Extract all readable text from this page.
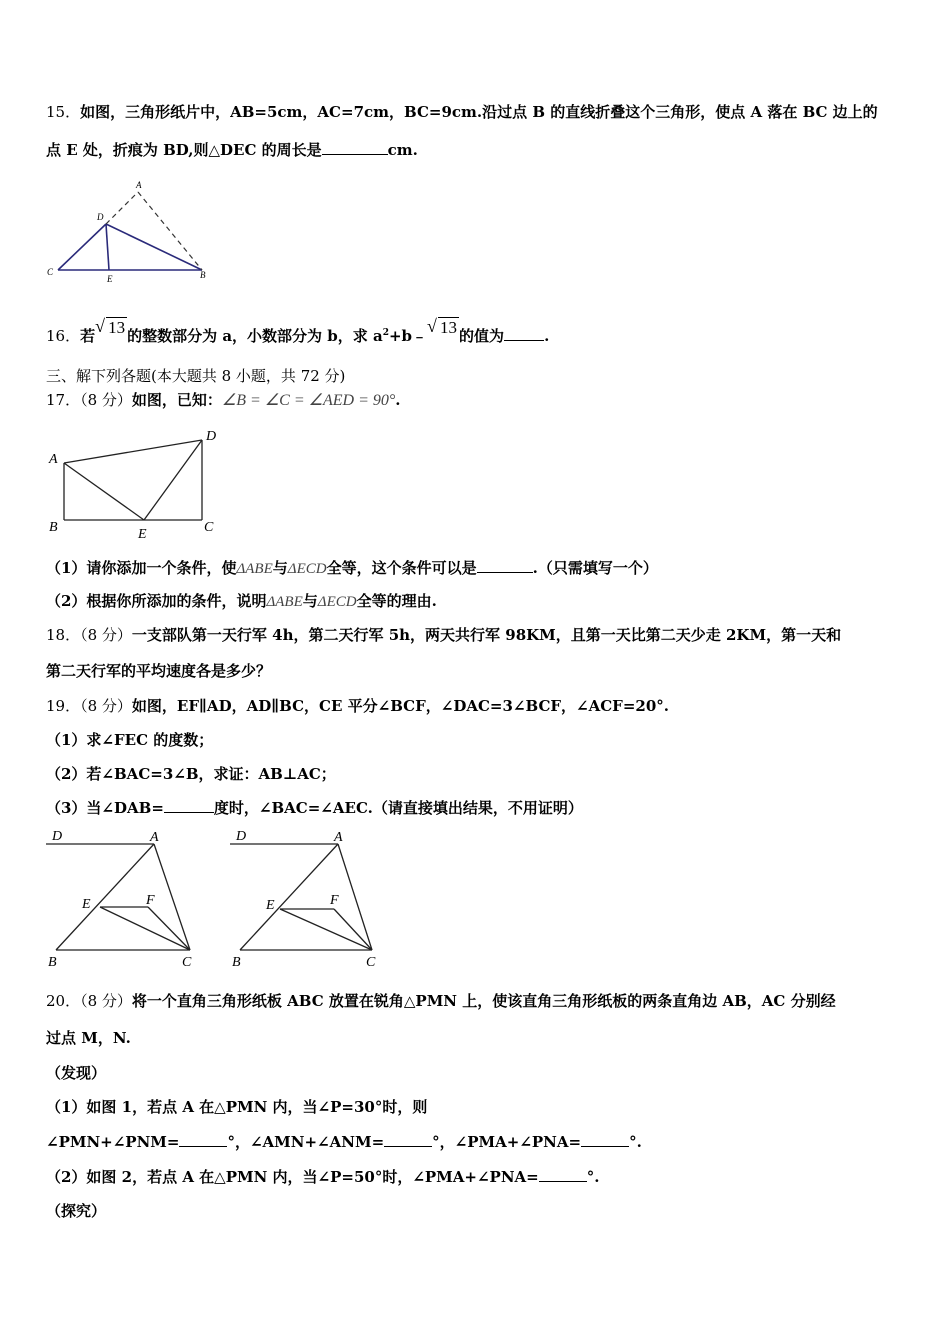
15．如图，三角形纸片中，AB=5cm，AC=7cm，BC=9cm.沿过点 B 的直线折叠这个三角形，使点 A 落在 BC 边上的
点 E 处，折痕为 BD,则△DEC 的周长是	cm.
A
D
C
E	B
16．若 √ 13 的整数部分为 a，小数部分为 b，求 $a^2+b﹣$ √ 13 的值为	.
三、解下列各题(本大题共 8 小题，共 72 分)
17．（8 分）如图，已知：∠B = ∠C = ∠AED = 90°.
A
D
B	E	C
（1）请你添加一个条件，使ΔABE与ΔECD全等，这个条件可以是	.（只需填写一个）
（2）根据你所添加的条件，说明ΔABE与ΔECD全等的理由.
18．（8 分）一支部队第一天行军 4h，第二天行军 5h，两天共行军 98KM，且第一天比第二天少走 2KM，第一天和
第二天行军的平均速度各是多少？
19．（8 分）如图，EF∥AD，AD∥BC，CE 平分∠BCF，∠DAC=3∠BCF，∠ACF=20°.
（1）求∠FEC 的度数；
（2）若∠BAC=3∠B，求证：AB⊥AC；
（3）当∠DAB=	度时，∠BAC=∠AEC.（请直接填出结果，不用证明）
D	A
E	F
B	C
D	A
E	F
B	C
20．（8 分）将一个直角三角形纸板 ABC 放置在锐角△PMN 上，使该直角三角形纸板的两条直角边 AB，AC 分别经
过点 M，N.
（发现）
（1）如图 1，若点 A 在△PMN 内，当∠P=30°时，则
∠PMN+∠PNM=	°，∠AMN+∠ANM=	°，∠PMA+∠PNA=	°.
（2）如图 2，若点 A 在△PMN 内，当∠P=50°时，∠PMA+∠PNA=	°.
（探究）
